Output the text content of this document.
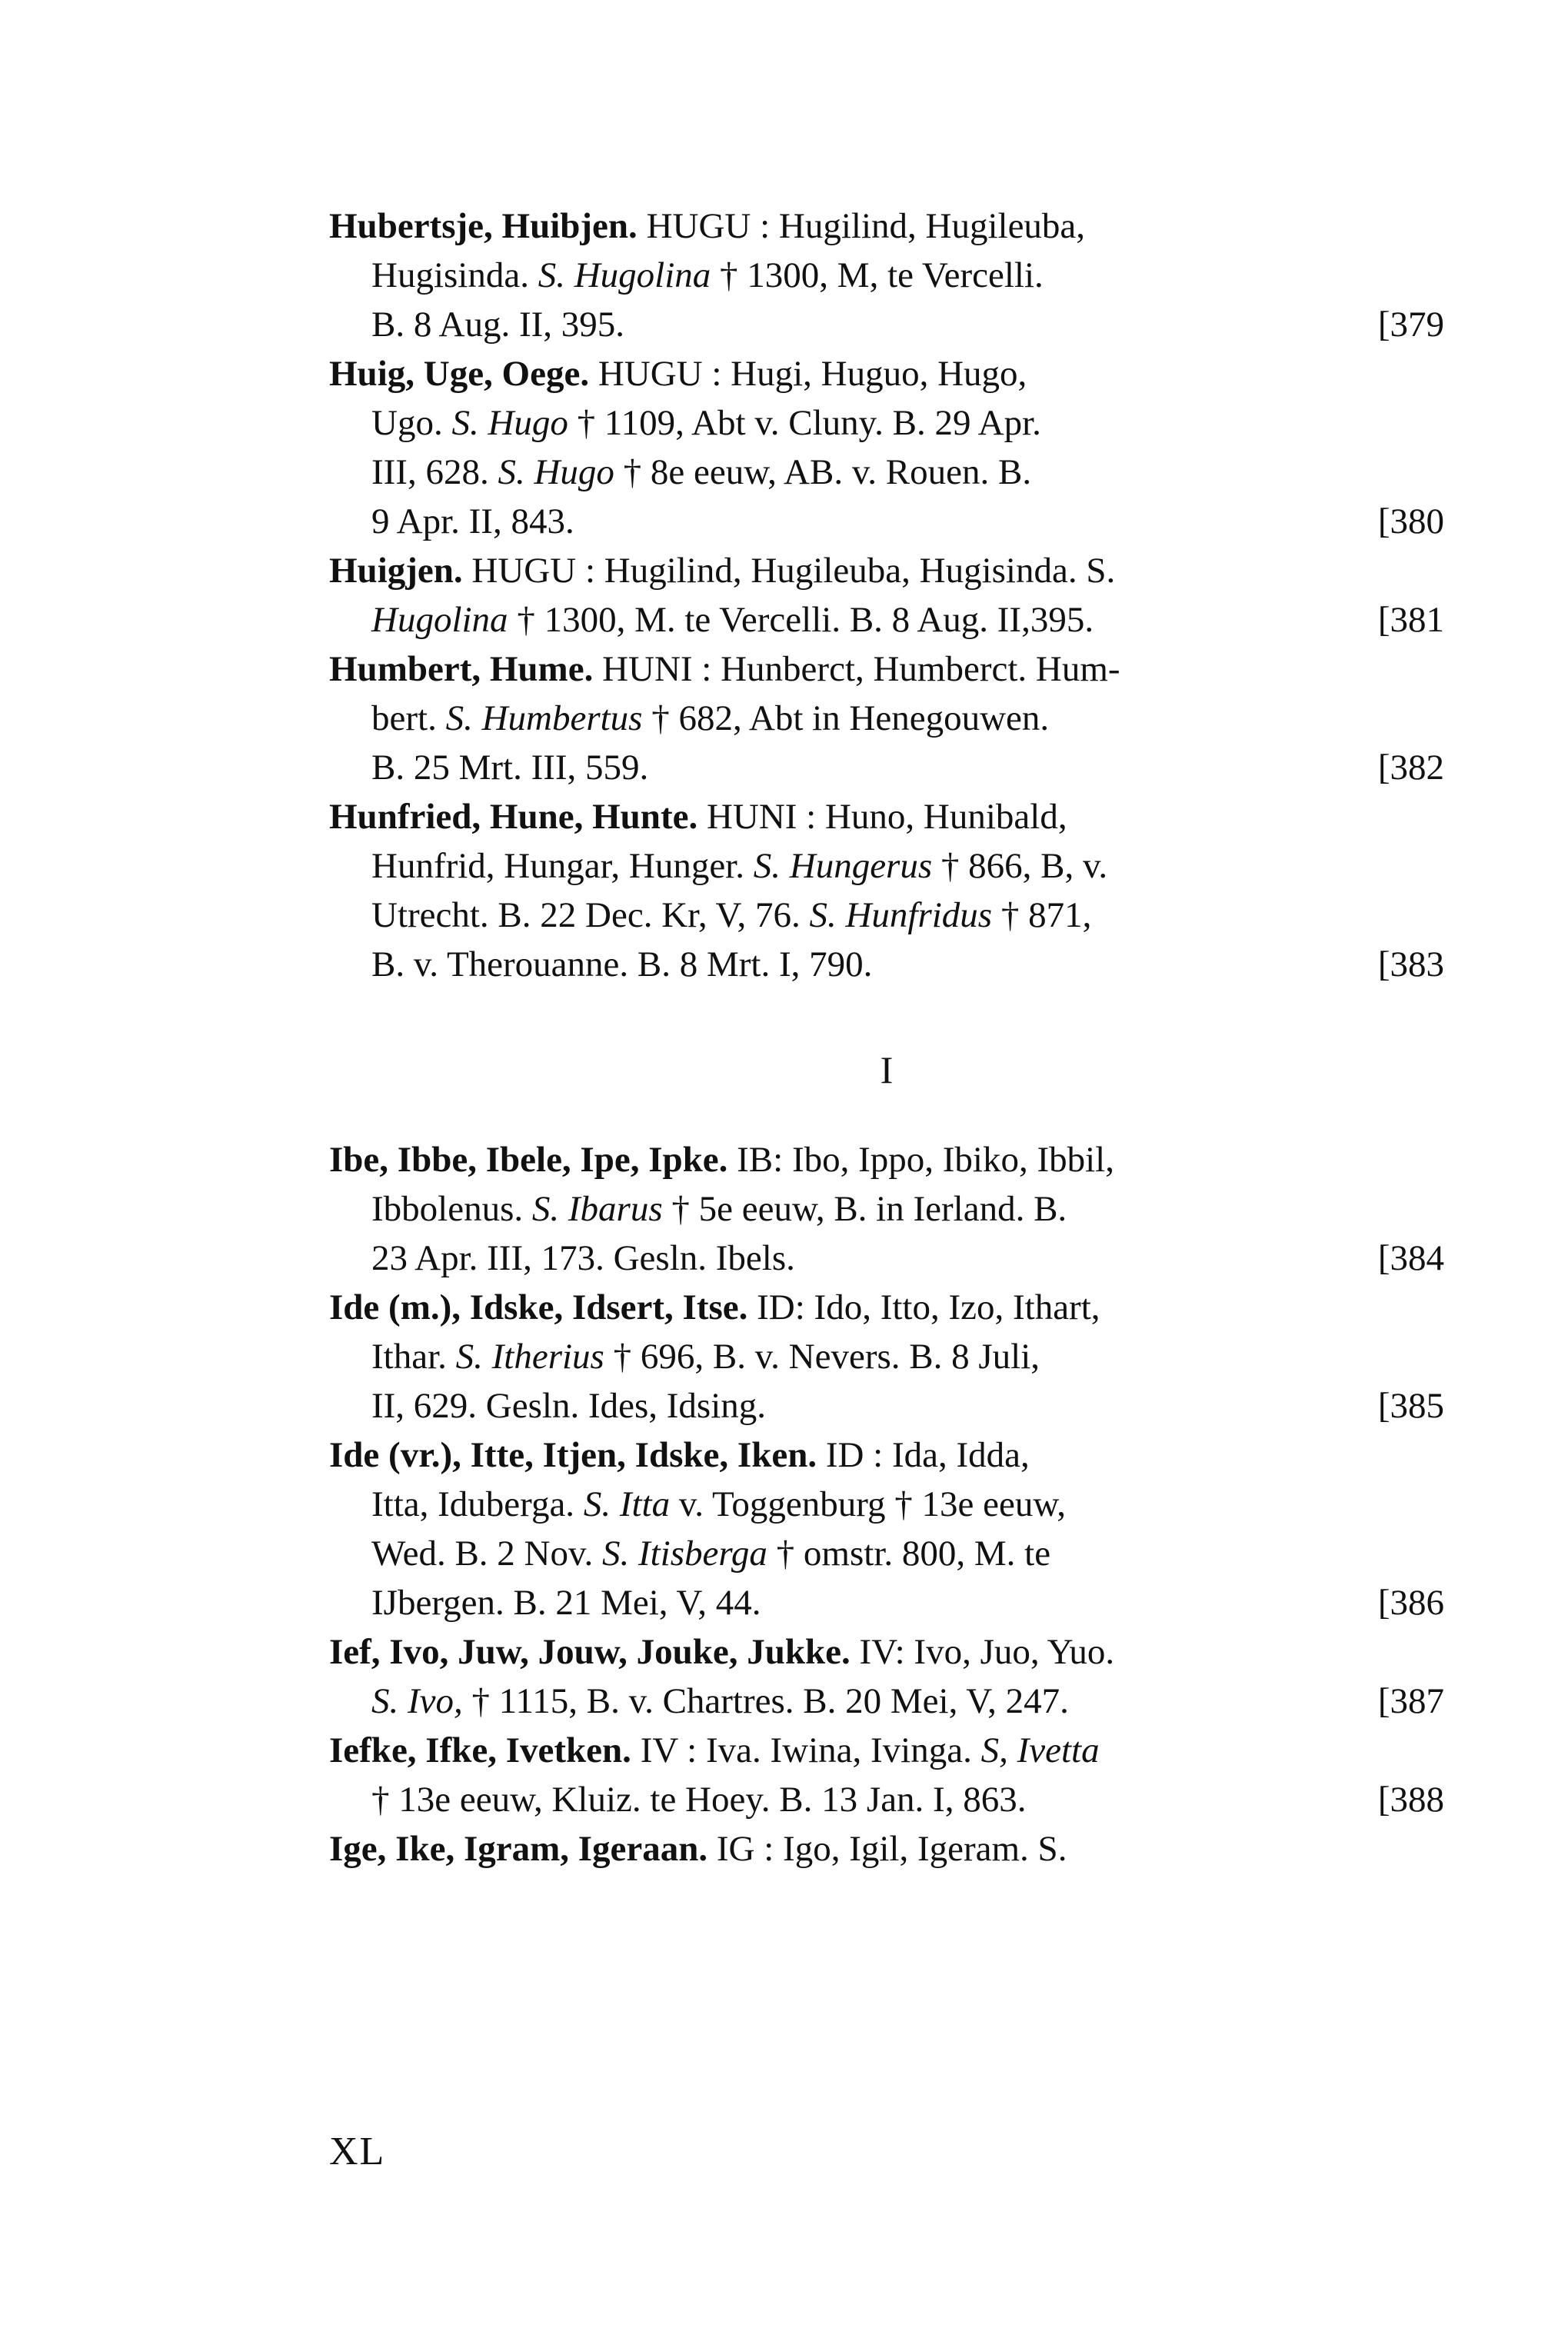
Hubertsje, Huibjen. HUGU : Hugilind, Hugileuba,
Hugisinda. S. Hugolina † 1300, M, te Vercelli.
B. 8 Aug. II, 395.	[379
Huig, Uge, Oege. HUGU : Hugi, Huguo, Hugo,
Ugo. S. Hugo † 1109, Abt v. Cluny. B. 29 Apr.
III, 628. S. Hugo † 8e eeuw, AB. v. Rouen. B.
9 Apr. II, 843.	[380
Huigjen. HUGU : Hugilind, Hugileuba, Hugisinda. S.
Hugolina † 1300, M. te Vercelli. B. 8 Aug. II,395.	[381
Humbert, Hume. HUNI : Hunberct, Humberct. Hum-
bert. S. Humbertus † 682, Abt in Henegouwen.
B. 25 Mrt. III, 559.	[382
Hunfried, Hune, Hunte. HUNI : Huno, Hunibald,
Hunfrid, Hungar, Hunger. S. Hungerus † 866, B, v.
Utrecht. B. 22 Dec. Kr, V, 76. S. Hunfridus † 871,
B. v. Therouanne. B. 8 Mrt. I, 790.	[383
I
Ibe, Ibbe, Ibele, Ipe, Ipke. IB: Ibo, Ippo, Ibiko, Ibbil,
Ibbolenus. S. Ibarus † 5e eeuw, B. in Ierland. B.
23 Apr. III, 173. Gesln. Ibels.	[384
Ide (m.), Idske, Idsert, Itse. ID: Ido, Itto, Izo, Ithart,
Ithar. S. Itherius † 696, B. v. Nevers. B. 8 Juli,
II, 629. Gesln. Ides, Idsing.	[385
Ide (vr.), Itte, Itjen, Idske, Iken. ID : Ida, Idda,
Itta, Iduberga. S. Itta v. Toggenburg † 13e eeuw,
Wed. B. 2 Nov. S. Itisberga † omstr. 800, M. te
IJbergen. B. 21 Mei, V, 44.	[386
Ief, Ivo, Juw, Jouw, Jouke, Jukke. IV: Ivo, Juo, Yuo.
S. Ivo, † 1115, B. v. Chartres. B. 20 Mei, V, 247.	[387
Iefke, Ifke, Ivetken. IV : Iva. Iwina, Ivinga. S, Ivetta
† 13e eeuw, Kluiz. te Hoey. B. 13 Jan. I, 863.	[388
Ige, Ike, Igram, Igeraan. IG : Igo, Igil, Igeram. S.
XL
